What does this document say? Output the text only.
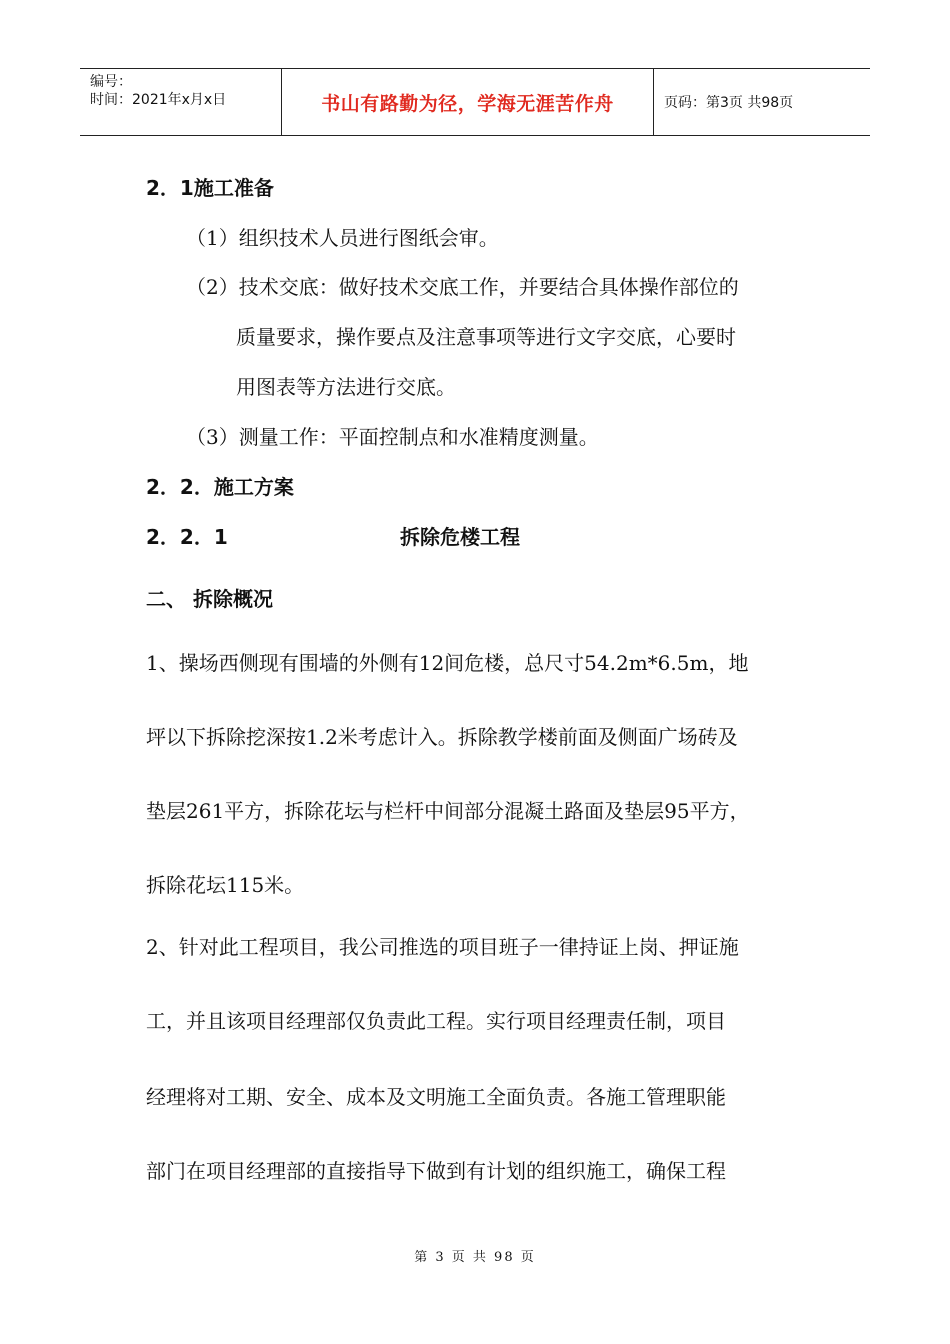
编号：
时间：2021年x月x日	书山有路勤为径，学海无涯苦作舟	页码：第3页 共98页
2．1施工准备
（1）组织技术人员进行图纸会审。
（2）技术交底：做好技术交底工作，并要结合具体操作部位的
质量要求，操作要点及注意事项等进行文字交底，心要时
用图表等方法进行交底。
（3）测量工作：平面控制点和水准精度测量。
2．2．施工方案
2．2．1	拆除危楼工程
二、 拆除概况
1、操场西侧现有围墙的外侧有12间危楼，总尺寸54.2m*6.5m，地
坪以下拆除挖深按1.2米考虑计入。拆除教学楼前面及侧面广场砖及
垫层261平方，拆除花坛与栏杆中间部分混凝土路面及垫层95平方，
拆除花坛115米。
2、针对此工程项目，我公司推选的项目班子一律持证上岗、押证施
工，并且该项目经理部仅负责此工程。实行项目经理责任制，项目
经理将对工期、安全、成本及文明施工全面负责。各施工管理职能
部门在项目经理部的直接指导下做到有计划的组织施工，确保工程
第 3 页 共 98 页
